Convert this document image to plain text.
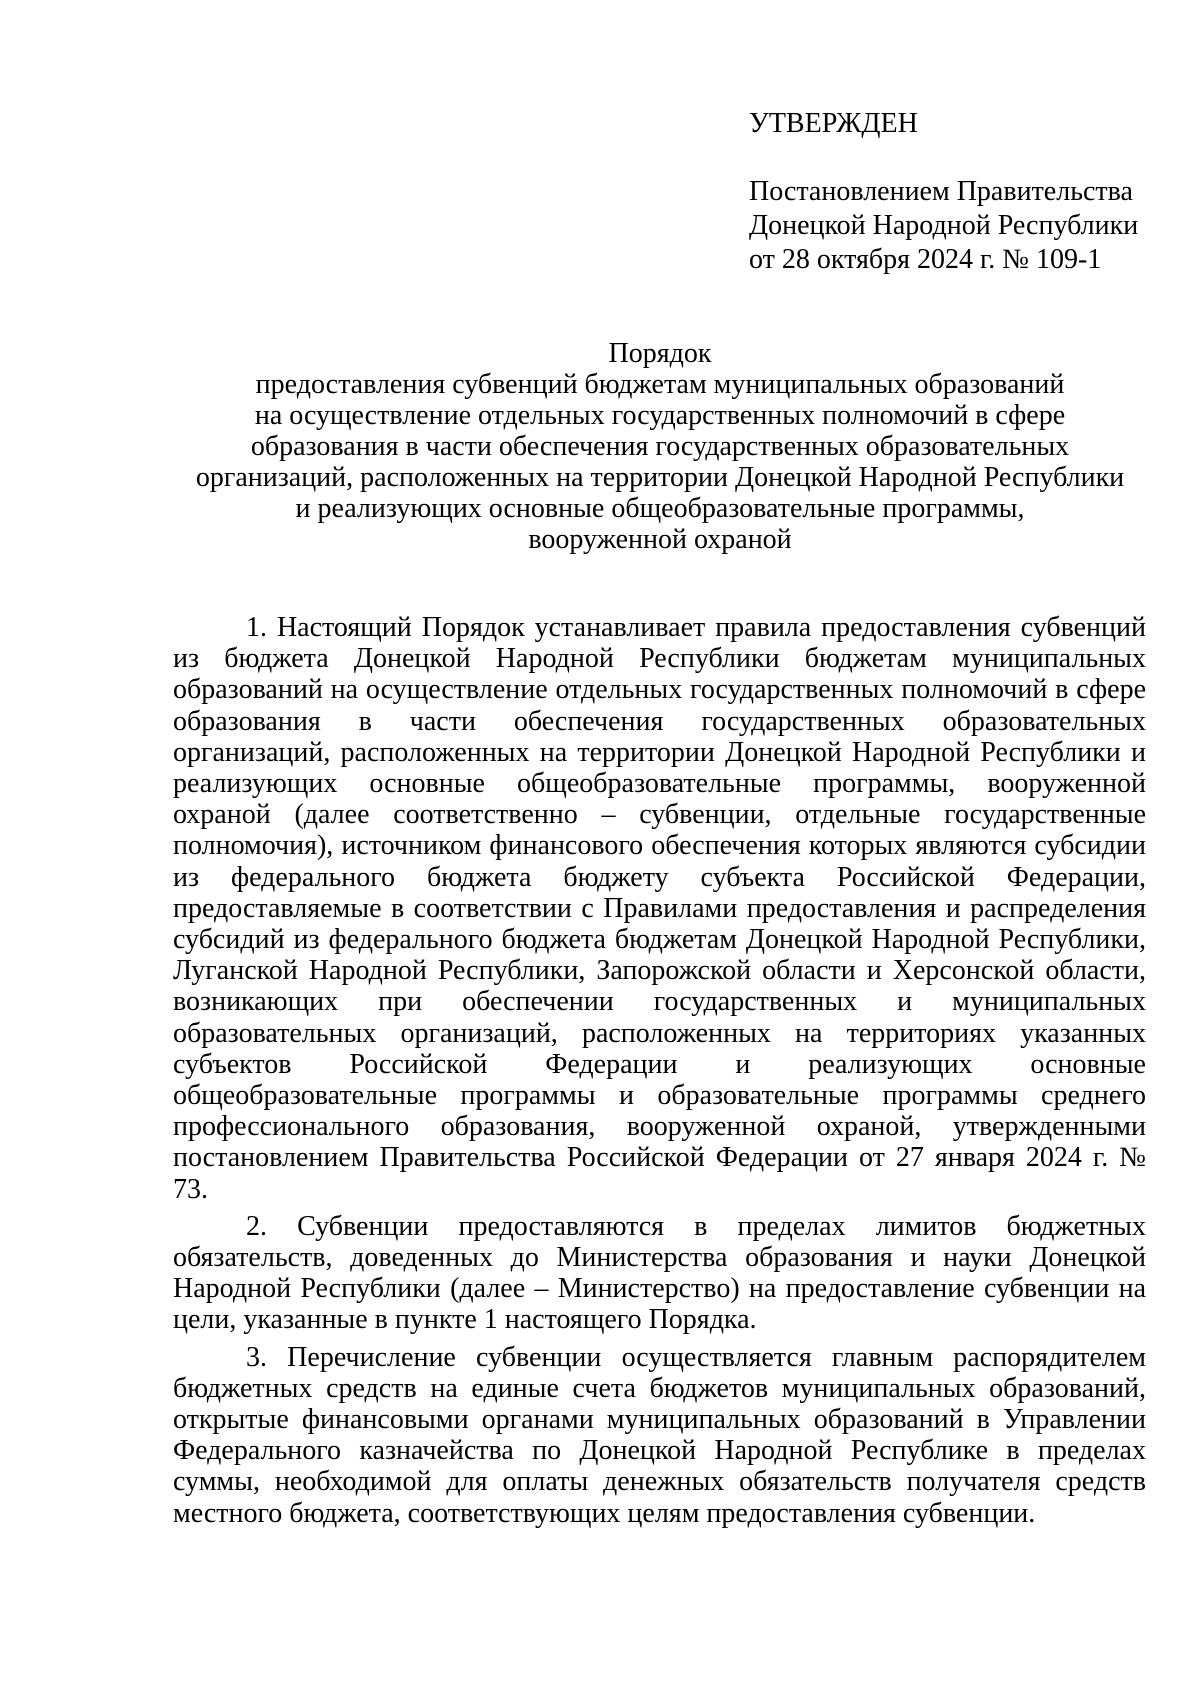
УТВЕРЖДЕН
Постановлением Правительства
Донецкой Народной Республики
от 28 октября 2024 г. № 109-1
Порядок
предоставления субвенций бюджетам муниципальных образований
на осуществление отдельных государственных полномочий в сфере
образования в части обеспечения государственных образовательных
организаций, расположенных на территории Донецкой Народной Республики
и реализующих основные общеобразовательные программы,
вооруженной охраной

1. Настоящий Порядок устанавливает правила предоставления субвенций из бюджета Донецкой Народной Республики бюджетам муниципальных образований на осуществление отдельных государственных полномочий в сфере образования в части обеспечения государственных образовательных организаций, расположенных на территории Донецкой Народной Республики и реализующих основные общеобразовательные программы, вооруженной охраной (далее соответственно – субвенции, отдельные государственные полномочия), источником финансового обеспечения которых являются субсидии из федерального бюджета бюджету субъекта Российской Федерации, предоставляемые в соответствии с Правилами предоставления и распределения субсидий из федерального бюджета бюджетам Донецкой Народной Республики, Луганской Народной Республики, Запорожской области и Херсонской области, возникающих при обеспечении государственных и муниципальных образовательных организаций, расположенных на территориях указанных субъектов Российской Федерации и реализующих основные общеобразовательные программы и образовательные программы среднего профессионального образования, вооруженной охраной, утвержденными постановлением Правительства Российской Федерации от 27 января 2024 г. № 73.

2. Субвенции предоставляются в пределах лимитов бюджетных обязательств, доведенных до Министерства образования и науки Донецкой Народной Республики (далее – Министерство) на предоставление субвенции на цели, указанные в пункте 1 настоящего Порядка.

3. Перечисление субвенции осуществляется главным распорядителем бюджетных средств на единые счета бюджетов муниципальных образований, открытые финансовыми органами муниципальных образований в Управлении Федерального казначейства по Донецкой Народной Республике в пределах суммы, необходимой для оплаты денежных обязательств получателя средств местного бюджета, соответствующих целям предоставления субвенции.
